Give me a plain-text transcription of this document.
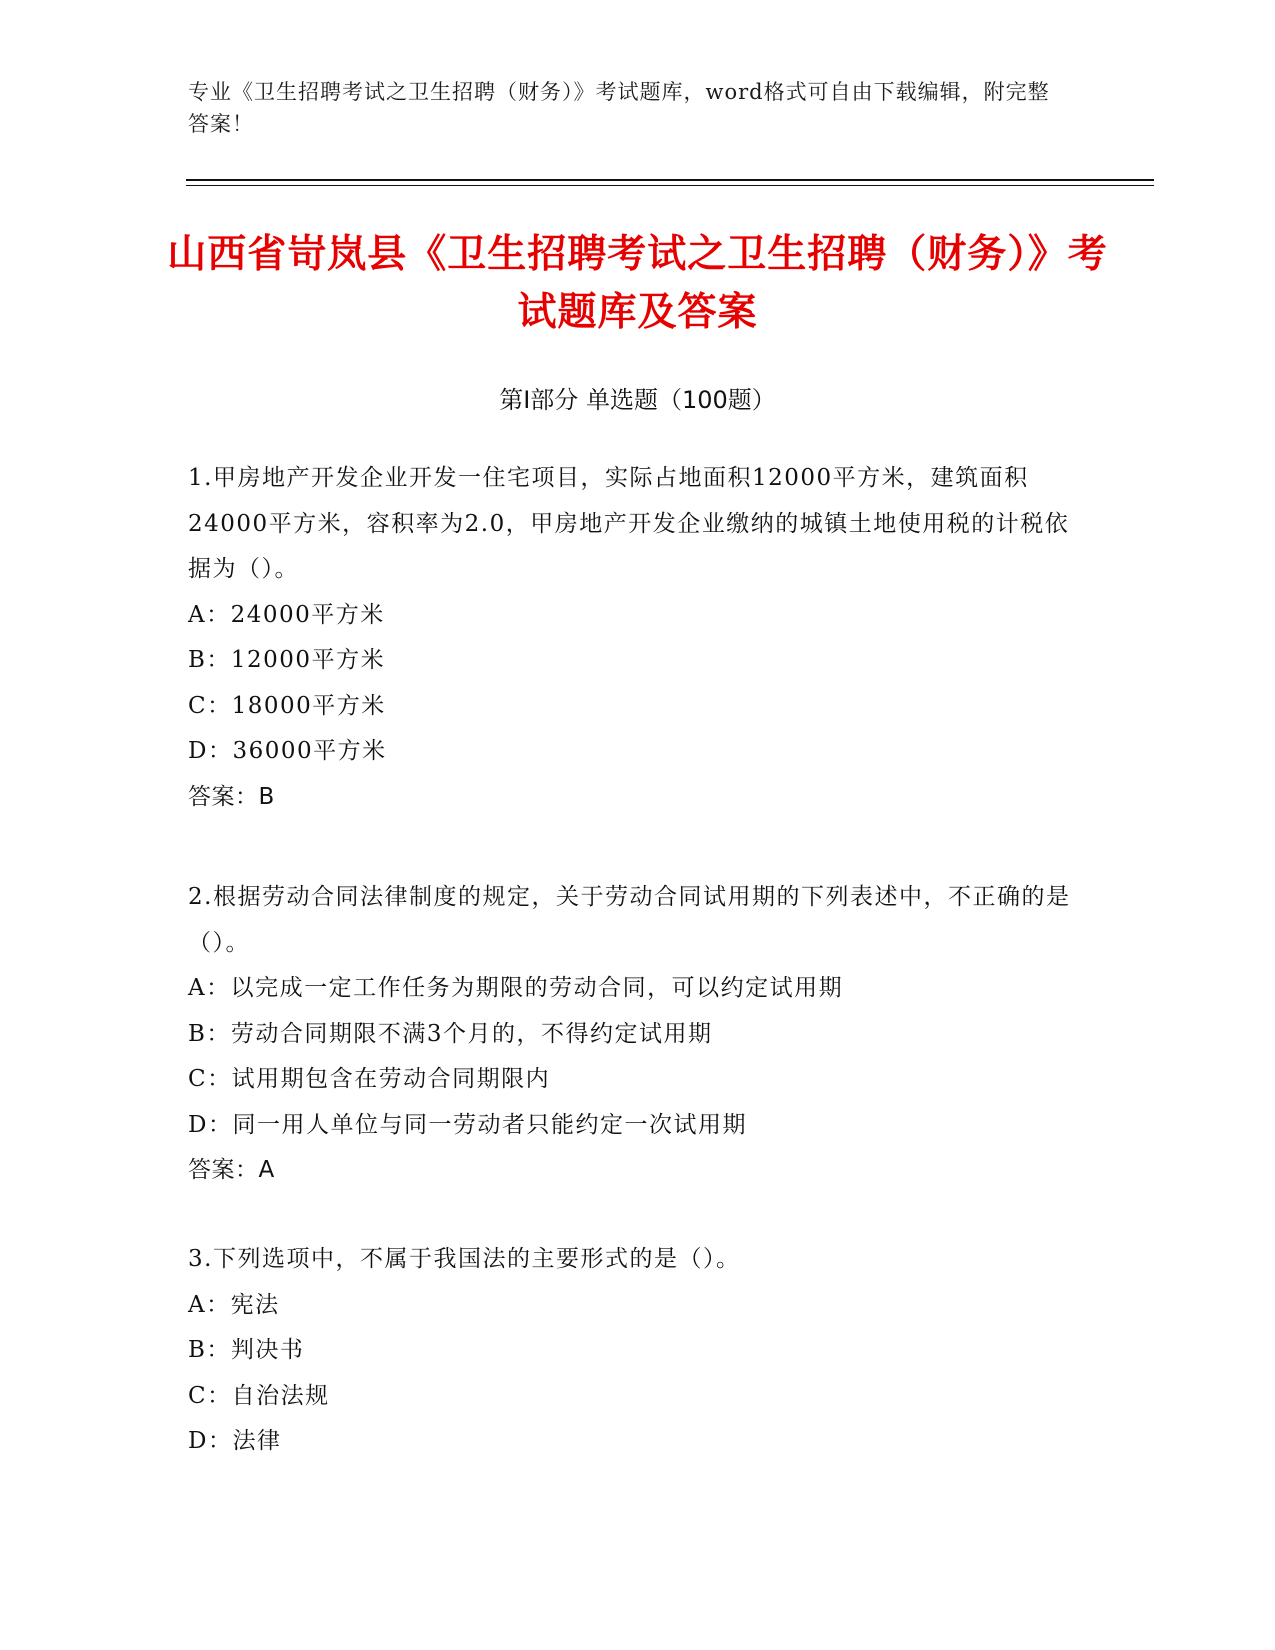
专业《卫生招聘考试之卫生招聘（财务）》考试题库，word格式可自由下载编辑，附完整答案！
山西省岢岚县《卫生招聘考试之卫生招聘（财务）》考试题库及答案
第I部分 单选题（100题）

1.甲房地产开发企业开发一住宅项目，实际占地面积12000平方米，建筑面积24000平方米，容积率为2.0，甲房地产开发企业缴纳的城镇土地使用税的计税依据为（）。

A：24000平方米

B：12000平方米

C：18000平方米

D：36000平方米

答案：B

2.根据劳动合同法律制度的规定，关于劳动合同试用期的下列表述中，不正确的是（）。

A：以完成一定工作任务为期限的劳动合同，可以约定试用期

B：劳动合同期限不满3个月的，不得约定试用期

C：试用期包含在劳动合同期限内

D：同一用人单位与同一劳动者只能约定一次试用期

答案：A

3.下列选项中，不属于我国法的主要形式的是（）。

A：宪法

B：判决书

C：自治法规

D：法律
